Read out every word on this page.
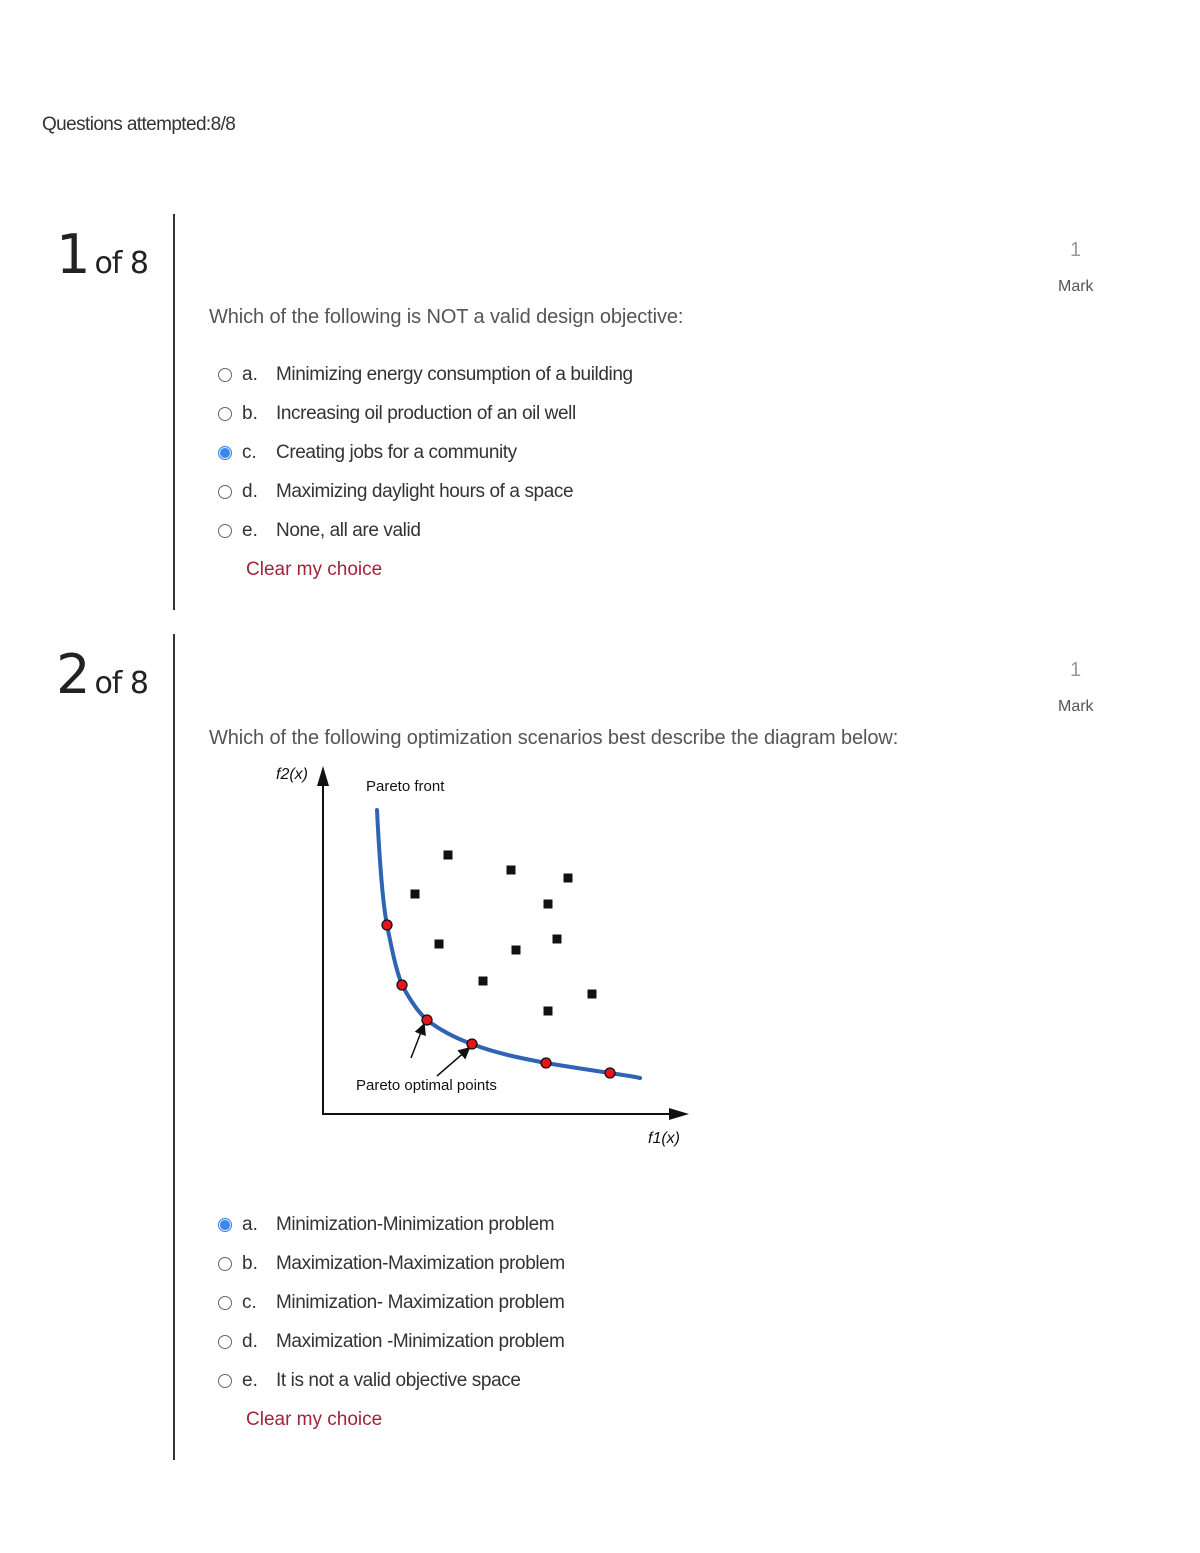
Questions attempted:8/8
1 of 8	1
Mark
Which of the following is NOT a valid design objective:
a. Minimizing energy consumption of a building
b. Increasing oil production of an oil well
c.	Creating jobs for a community
d. Maximizing daylight hours of a space
e. None, all are valid
Clear my choice
2 of 8	1
Mark
Which of the following optimization scenarios best describe the diagram below:
a. Minimization-Minimization problem
b. Maximization-Maximization problem
c.	Minimization- Maximization problem
d. Maximization -Minimization problem
e. It is not a valid objective space
Clear my choice
f2(x)
f1(x)
Pareto front
Pareto optimal points
